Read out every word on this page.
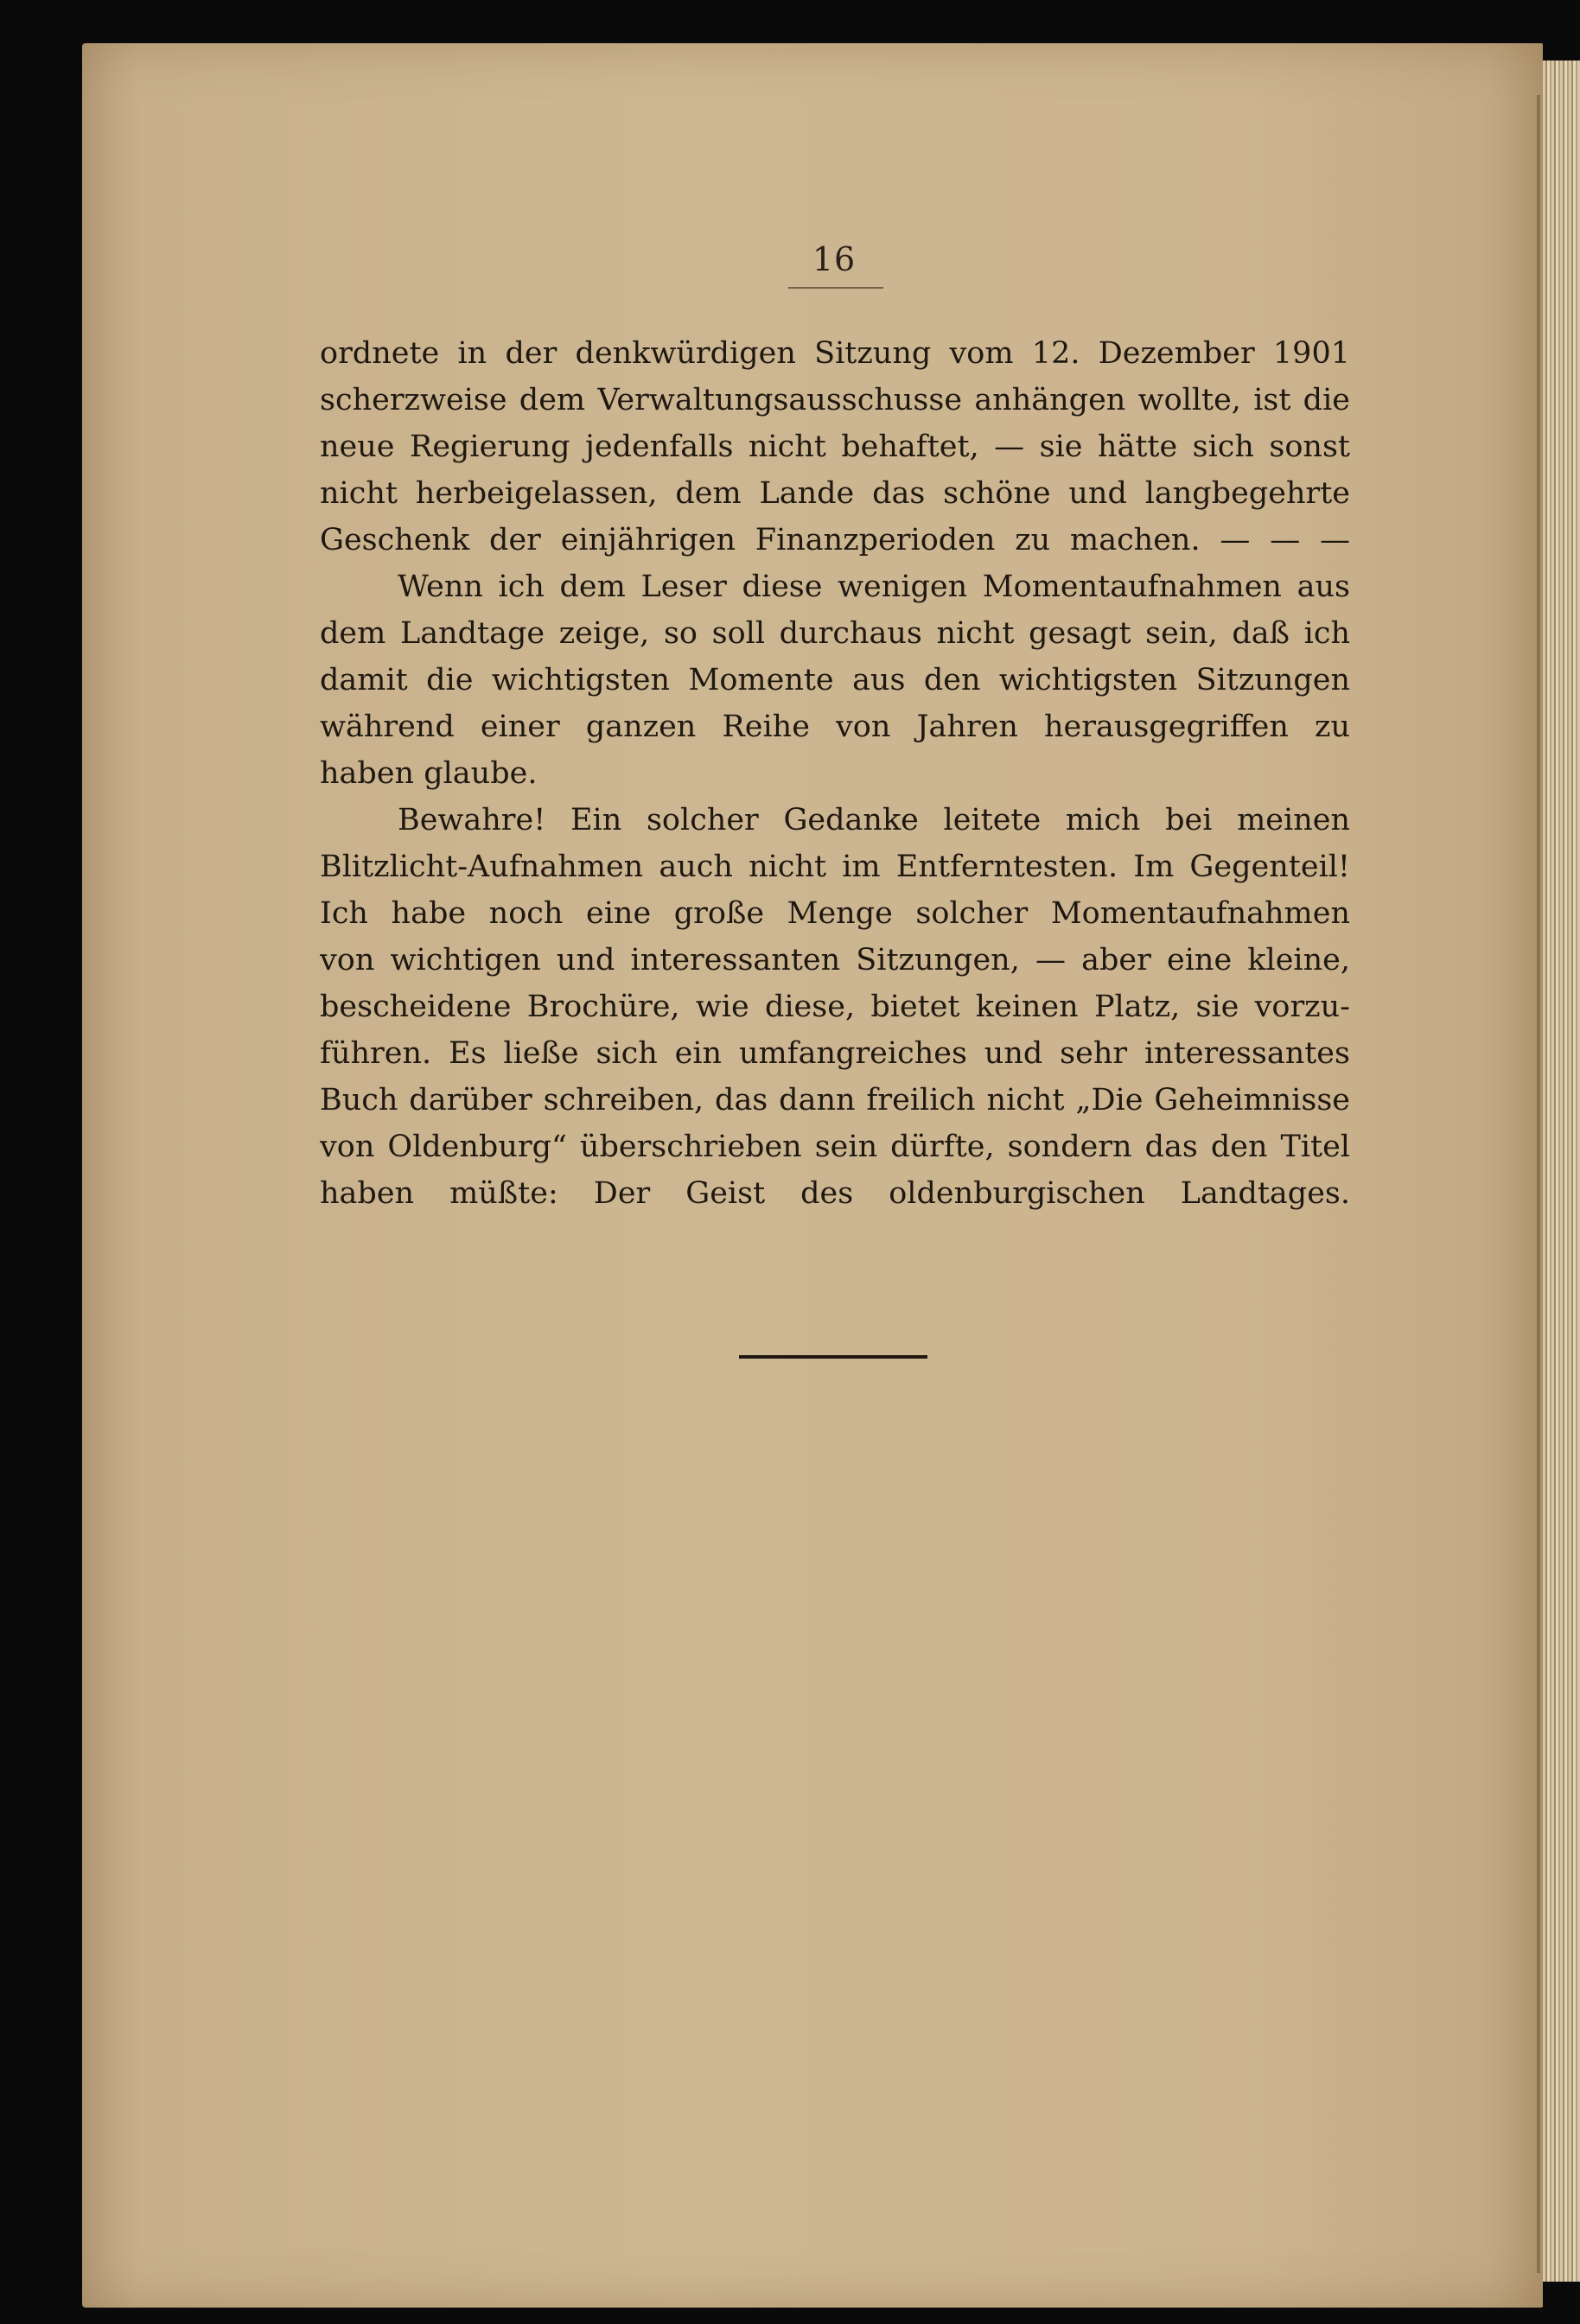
16
ordnete in der denkwürdigen Sitzung vom 12. Dezember 1901
scherzweise dem Verwaltungsausschusse anhängen wollte, ist die
neue Regierung jedenfalls nicht behaftet, — sie hätte sich sonst
nicht herbeigelassen, dem Lande das schöne und langbegehrte
Geschenk der einjährigen Finanzperioden zu machen. — — —
Wenn ich dem Leser diese wenigen Momentaufnahmen aus
dem Landtage zeige, so soll durchaus nicht gesagt sein, daß ich
damit die wichtigsten Momente aus den wichtigsten Sitzungen
während einer ganzen Reihe von Jahren herausgegriffen zu
haben glaube.
Bewahre! Ein solcher Gedanke leitete mich bei meinen
Blitzlicht-Aufnahmen auch nicht im Entferntesten. Im Gegenteil!
Ich habe noch eine große Menge solcher Momentaufnahmen
von wichtigen und interessanten Sitzungen, — aber eine kleine,
bescheidene Brochüre, wie diese, bietet keinen Platz, sie vorzu-
führen. Es ließe sich ein umfangreiches und sehr interessantes
Buch darüber schreiben, das dann freilich nicht „Die Geheimnisse
von Oldenburg“ überschrieben sein dürfte, sondern das den Titel
haben müßte: Der Geist des oldenburgischen Landtages.
